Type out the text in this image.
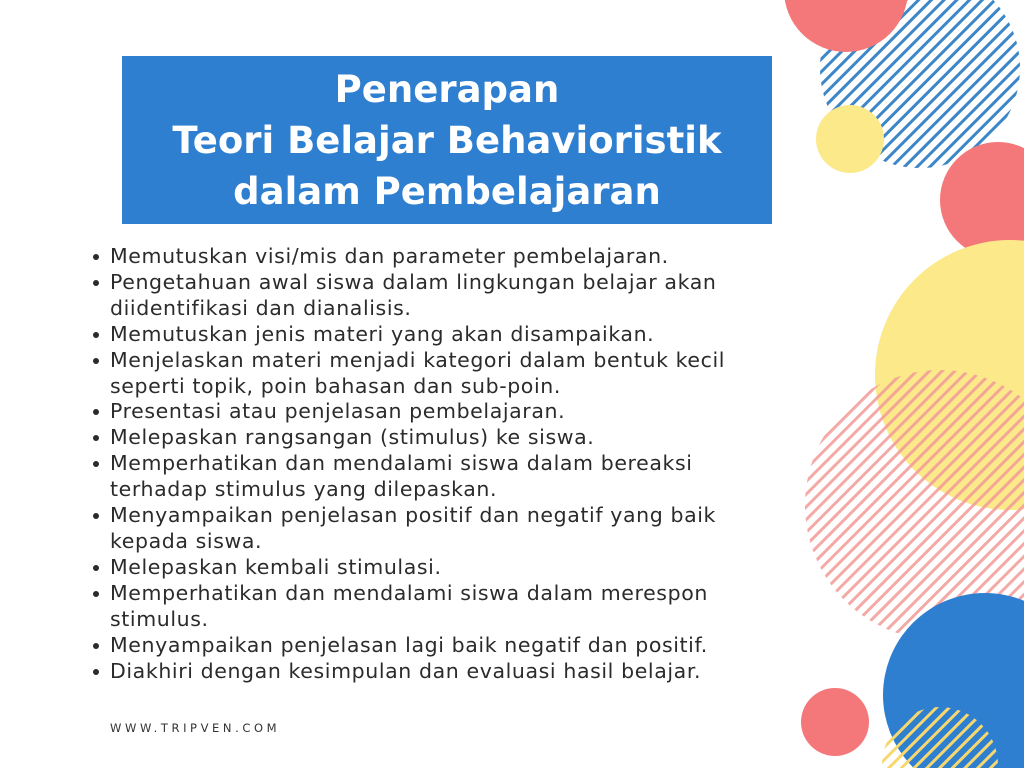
Penerapan
Teori Belajar Behavioristik
dalam Pembelajaran
Memutuskan visi/mis dan parameter pembelajaran.
Pengetahuan awal siswa dalam lingkungan belajar akan diidentifikasi dan dianalisis.
Memutuskan jenis materi yang akan disampaikan.
Menjelaskan materi menjadi kategori dalam bentuk kecil seperti topik, poin bahasan dan sub-poin.
Presentasi atau penjelasan pembelajaran.
Melepaskan rangsangan (stimulus) ke siswa.
Memperhatikan dan mendalami siswa dalam bereaksi terhadap stimulus yang dilepaskan.
Menyampaikan penjelasan positif dan negatif yang baik kepada siswa.
Melepaskan kembali stimulasi.
Memperhatikan dan mendalami siswa dalam merespon stimulus.
Menyampaikan penjelasan lagi baik negatif dan positif.
Diakhiri dengan kesimpulan dan evaluasi hasil belajar.
WWW.TRIPVEN.COM
